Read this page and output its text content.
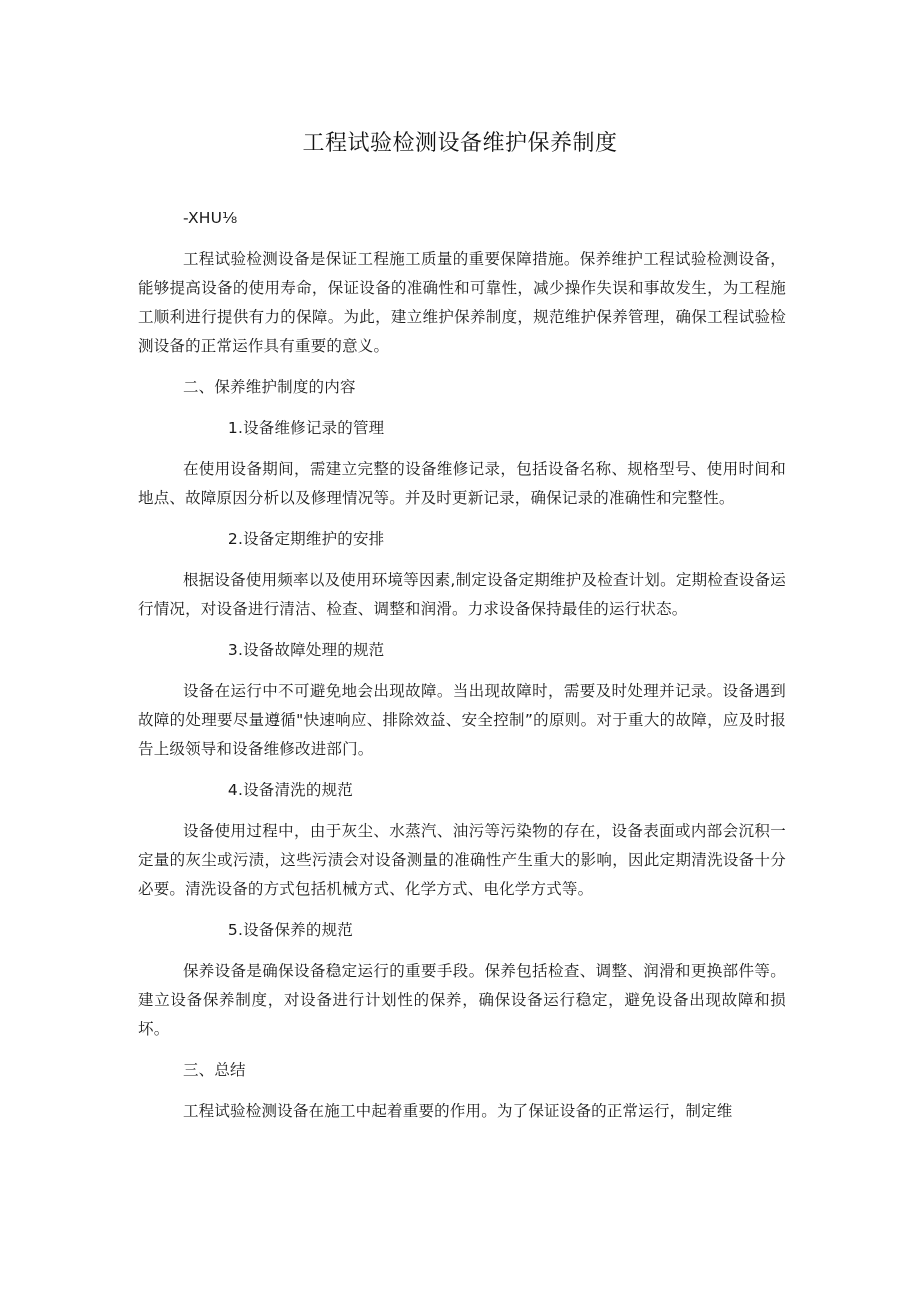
工程试验检测设备维护保养制度

-XHU⅛

工程试验检测设备是保证工程施工质量的重要保障措施。保养维护工程试验检测设备，能够提高设备的使用寿命，保证设备的准确性和可靠性，减少操作失误和事故发生，为工程施工顺利进行提供有力的保障。为此，建立维护保养制度，规范维护保养管理，确保工程试验检测设备的正常运作具有重要的意义。

二、保养维护制度的内容

1.设备维修记录的管理

在使用设备期间，需建立完整的设备维修记录，包括设备名称、规格型号、使用时间和地点、故障原因分析以及修理情况等。并及时更新记录，确保记录的准确性和完整性。

2.设备定期维护的安排

根据设备使用频率以及使用环境等因素,制定设备定期维护及检查计划。定期检查设备运行情况，对设备进行清洁、检查、调整和润滑。力求设备保持最佳的运行状态。

3.设备故障处理的规范

设备在运行中不可避免地会出现故障。当出现故障时，需要及时处理并记录。设备遇到故障的处理要尽量遵循"快速响应、排除效益、安全控制”的原则。对于重大的故障，应及时报告上级领导和设备维修改进部门。

4.设备清洗的规范

设备使用过程中，由于灰尘、水蒸汽、油污等污染物的存在，设备表面或内部会沉积一定量的灰尘或污渍，这些污渍会对设备测量的准确性产生重大的影响，因此定期清洗设备十分必要。清洗设备的方式包括机械方式、化学方式、电化学方式等。

5.设备保养的规范

保养设备是确保设备稳定运行的重要手段。保养包括检查、调整、润滑和更换部件等。建立设备保养制度，对设备进行计划性的保养，确保设备运行稳定，避免设备出现故障和损坏。

三、总结

工程试验检测设备在施工中起着重要的作用。为了保证设备的正常运行，制定维
